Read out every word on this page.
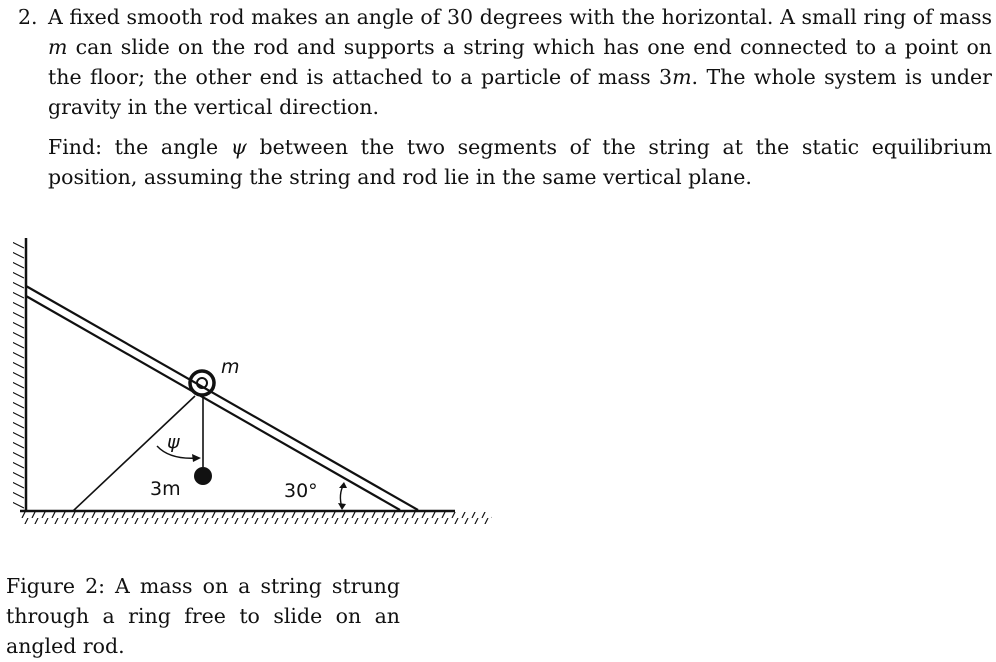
2. A fixed smooth rod makes an angle of 30 degrees with the horizontal. A small ring of mass m can slide on the rod and supports a string which has one end connected to a point on the floor; the other end is attached to a particle of mass 3m. The whole system is under gravity in the vertical direction.

Find: the angle ψ between the two segments of the string at the static equilibrium position, assuming the string and rod lie in the same vertical plane.

m
3m
ψ
30°
Figure 2: A mass on a string strung through a ring free to slide on an angled rod.
